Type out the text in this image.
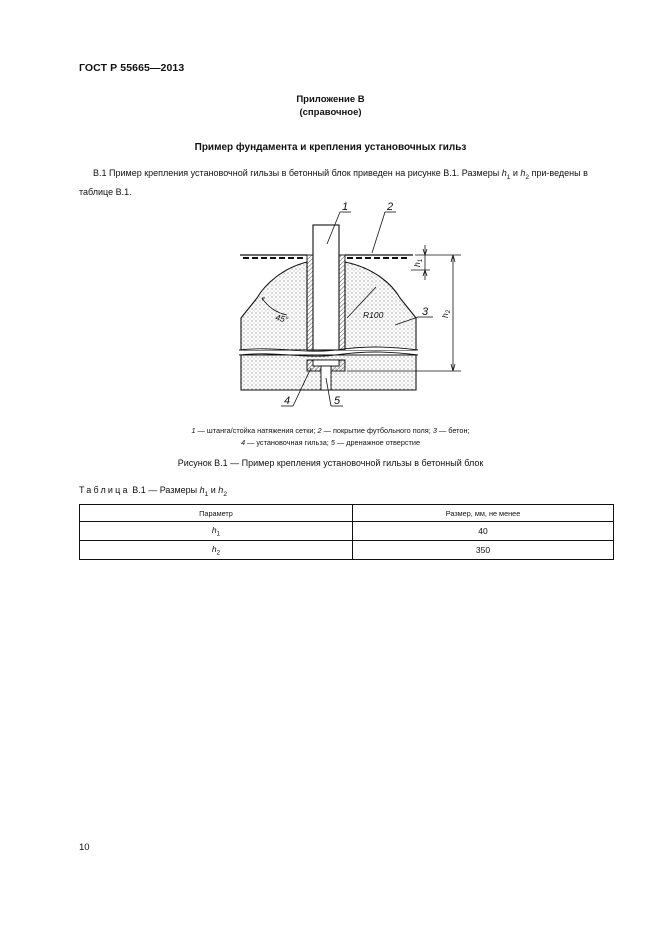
ГОСТ Р 55665—2013
Приложение В
(справочное)
Пример фундамента и крепления установочных гильз
В.1 Пример крепления установочной гильзы в бетонный блок приведен на рисунке В.1. Размеры $h_1$ и $h_2$ при-ведены в таблице В.1.
45°	R100
$h_1$
$h_2$
1	2
3
4	5
1 — штанга/стойка натяжения сетки; 2 — покрытие футбольного поля; 3 — бетон;
4 — установочная гильза; 5 — дренажное отверстие
Рисунок В.1 — Пример крепления установочной гильзы в бетонный блок
Таблица В.1 — Размеры $h_1$ и $h_2$
Параметр	Размер, мм, не менее
$h_1$	40
$h_2$	350
10
